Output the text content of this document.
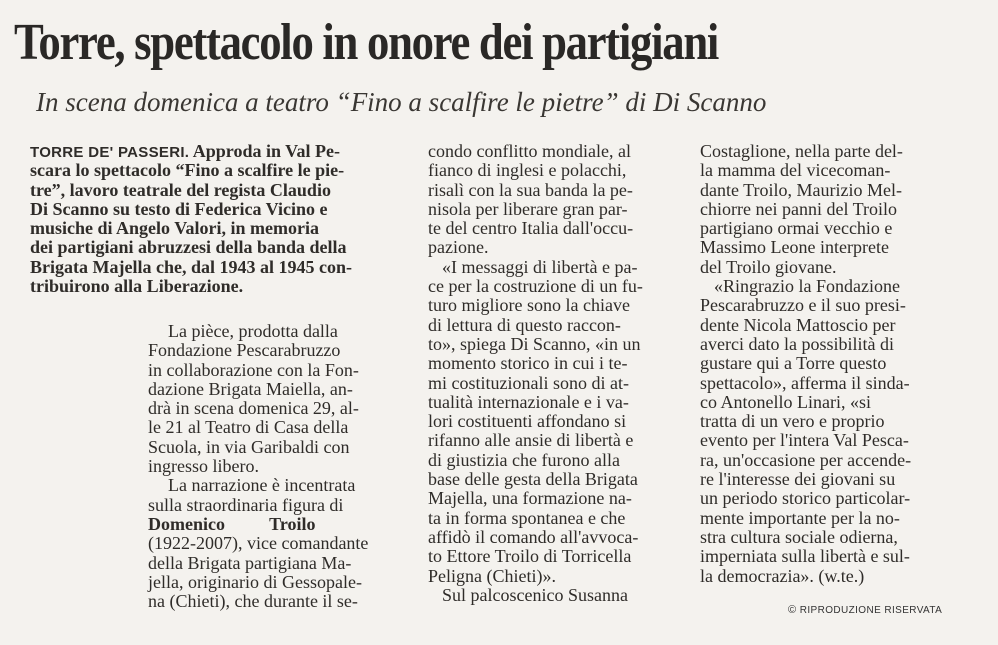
Torre, spettacolo in onore dei partigiani
In scena domenica a teatro “Fino a scalfire le pietre” di Di Scanno
TORRE DE' PASSERI. Approda in Val Pe-
scara lo spettacolo “Fino a scalfire le pie-
tre”, lavoro teatrale del regista Claudio
Di Scanno su testo di Federica Vicino e
musiche di Angelo Valori, in memoria
dei partigiani abruzzesi della banda della
Brigata Majella che, dal 1943 al 1945 con-
tribuirono alla Liberazione.
La pièce, prodotta dalla
Fondazione Pescarabruzzo
in collaborazione con la Fon-
dazione Brigata Maiella, an-
drà in scena domenica 29, al-
le 21 al Teatro di Casa della
Scuola, in via Garibaldi con
ingresso libero.
La narrazione è incentrata
sulla straordinaria figura di
Domenico Troilo
(1922-2007), vice comandante
della Brigata partigiana Ma-
jella, originario di Gessopale-
na (Chieti), che durante il se-
condo conflitto mondiale, al
fianco di inglesi e polacchi,
risalì con la sua banda la pe-
nisola per liberare gran par-
te del centro Italia dall'occu-
pazione.
«I messaggi di libertà e pa-
ce per la costruzione di un fu-
turo migliore sono la chiave
di lettura di questo raccon-
to», spiega Di Scanno, «in un
momento storico in cui i te-
mi costituzionali sono di at-
tualità internazionale e i va-
lori costituenti affondano si
rifanno alle ansie di libertà e
di giustizia che furono alla
base delle gesta della Brigata
Majella, una formazione na-
ta in forma spontanea e che
affidò il comando all'avvoca-
to Ettore Troilo di Torricella
Peligna (Chieti)».
Sul palcoscenico Susanna
Costaglione, nella parte del-
la mamma del vicecoman-
dante Troilo, Maurizio Mel-
chiorre nei panni del Troilo
partigiano ormai vecchio e
Massimo Leone interprete
del Troilo giovane.
«Ringrazio la Fondazione
Pescarabruzzo e il suo presi-
dente Nicola Mattoscio per
averci dato la possibilità di
gustare qui a Torre questo
spettacolo», afferma il sinda-
co Antonello Linari, «si
tratta di un vero e proprio
evento per l'intera Val Pesca-
ra, un'occasione per accende-
re l'interesse dei giovani su
un periodo storico particolar-
mente importante per la no-
stra cultura sociale odierna,
imperniata sulla libertà e sul-
la democrazia». (w.te.)
© RIPRODUZIONE RISERVATA
